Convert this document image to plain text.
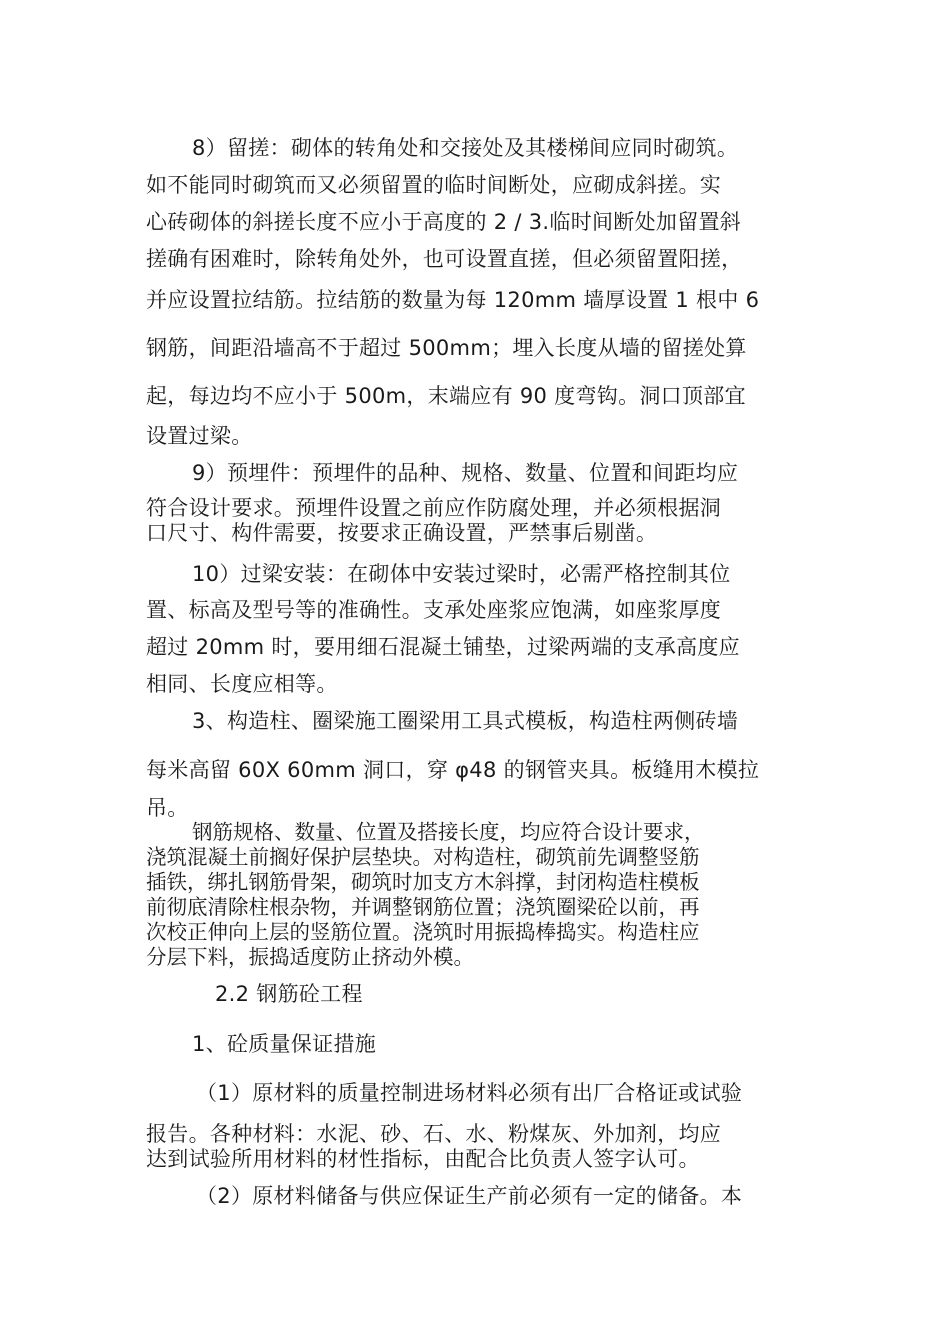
8）留搓：砌体的转角处和交接处及其楼梯间应同时砌筑。

如不能同时砌筑而又必须留置的临时间断处，应砌成斜搓。实

心砖砌体的斜搓长度不应小于高度的 2 / 3.临时间断处加留置斜

搓确有困难时，除转角处外，也可设置直搓，但必须留置阳搓，

并应设置拉结筋。拉结筋的数量为每 120mm 墙厚设置 1 根中 6

钢筋，间距沿墙高不于超过 500mm；埋入长度从墙的留搓处算

起，每边均不应小于 500m，末端应有 90 度弯钩。洞口顶部宜

设置过梁。

9）预埋件：预埋件的品种、规格、数量、位置和间距均应

符合设计要求。预埋件设置之前应作防腐处理，并必须根据洞

口尺寸、构件需要，按要求正确设置，严禁事后剔凿。

10）过梁安装：在砌体中安装过梁时，必需严格控制其位

置、标高及型号等的准确性。支承处座浆应饱满，如座浆厚度

超过 20mm 时，要用细石混凝土铺垫，过梁两端的支承高度应

相同、长度应相等。

3、构造柱、圈梁施工圈梁用工具式模板，构造柱两侧砖墙

每米高留 60X 60mm 洞口，穿 φ48 的钢管夹具。板缝用木模拉

吊。

钢筋规格、数量、位置及搭接长度，均应符合设计要求，

浇筑混凝土前搁好保护层垫块。对构造柱，砌筑前先调整竖筋

插铁，绑扎钢筋骨架，砌筑时加支方木斜撑，封闭构造柱模板

前彻底清除柱根杂物，并调整钢筋位置；浇筑圈梁砼以前，再

次校正伸向上层的竖筋位置。浇筑时用振捣棒捣实。构造柱应

分层下料，振捣适度防止挤动外模。

2.2 钢筋砼工程

1、砼质量保证措施

（1）原材料的质量控制进场材料必须有出厂合格证或试验

报告。各种材料：水泥、砂、石、水、粉煤灰、外加剂，均应

达到试验所用材料的材性指标，由配合比负责人签字认可。

（2）原材料储备与供应保证生产前必须有一定的储备。本
